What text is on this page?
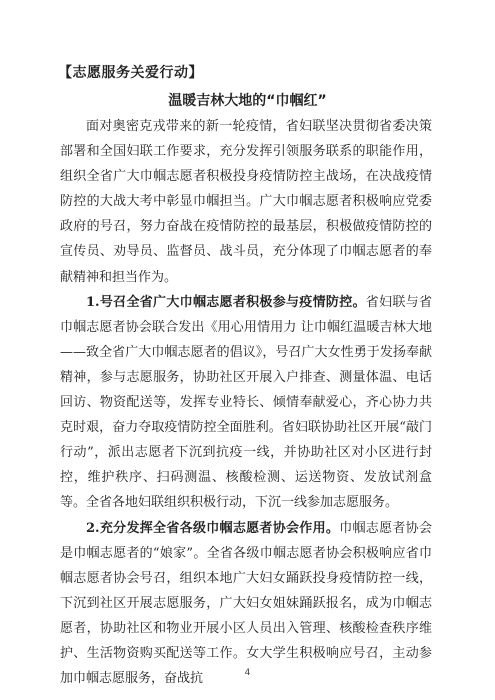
【志愿服务关爱行动】
温暖吉林大地的“巾帼红”

面对奥密克戎带来的新一轮疫情，省妇联坚决贯彻省委决策部署和全国妇联工作要求，充分发挥引领服务联系的职能作用，组织全省广大巾帼志愿者积极投身疫情防控主战场，在决战疫情防控的大战大考中彰显巾帼担当。广大巾帼志愿者积极响应党委政府的号召，努力奋战在疫情防控的最基层，积极做疫情防控的宣传员、劝导员、监督员、战斗员，充分体现了巾帼志愿者的奉献精神和担当作为。

1.号召全省广大巾帼志愿者积极参与疫情防控。省妇联与省巾帼志愿者协会联合发出《用心用情用力 让巾帼红温暖吉林大地——致全省广大巾帼志愿者的倡议》，号召广大女性勇于发扬奉献精神，参与志愿服务，协助社区开展入户排查、测量体温、电话回访、物资配送等，发挥专业特长、倾情奉献爱心，齐心协力共克时艰，奋力夺取疫情防控全面胜利。省妇联协助社区开展“敲门行动”，派出志愿者下沉到抗疫一线，并协助社区对小区进行封控，维护秩序、扫码测温、核酸检测、运送物资、发放试剂盒等。全省各地妇联组织积极行动，下沉一线参加志愿服务。

2.充分发挥全省各级巾帼志愿者协会作用。巾帼志愿者协会是巾帼志愿者的“娘家”。全省各级巾帼志愿者协会积极响应省巾帼志愿者协会号召，组织本地广大妇女踊跃投身疫情防控一线，下沉到社区开展志愿服务，广大妇女姐妹踊跃报名，成为巾帼志愿者，协助社区和物业开展小区人员出入管理、核酸检查秩序维护、生活物资购买配送等工作。女大学生积极响应号召，主动参加巾帼志愿服务，奋战抗	4
